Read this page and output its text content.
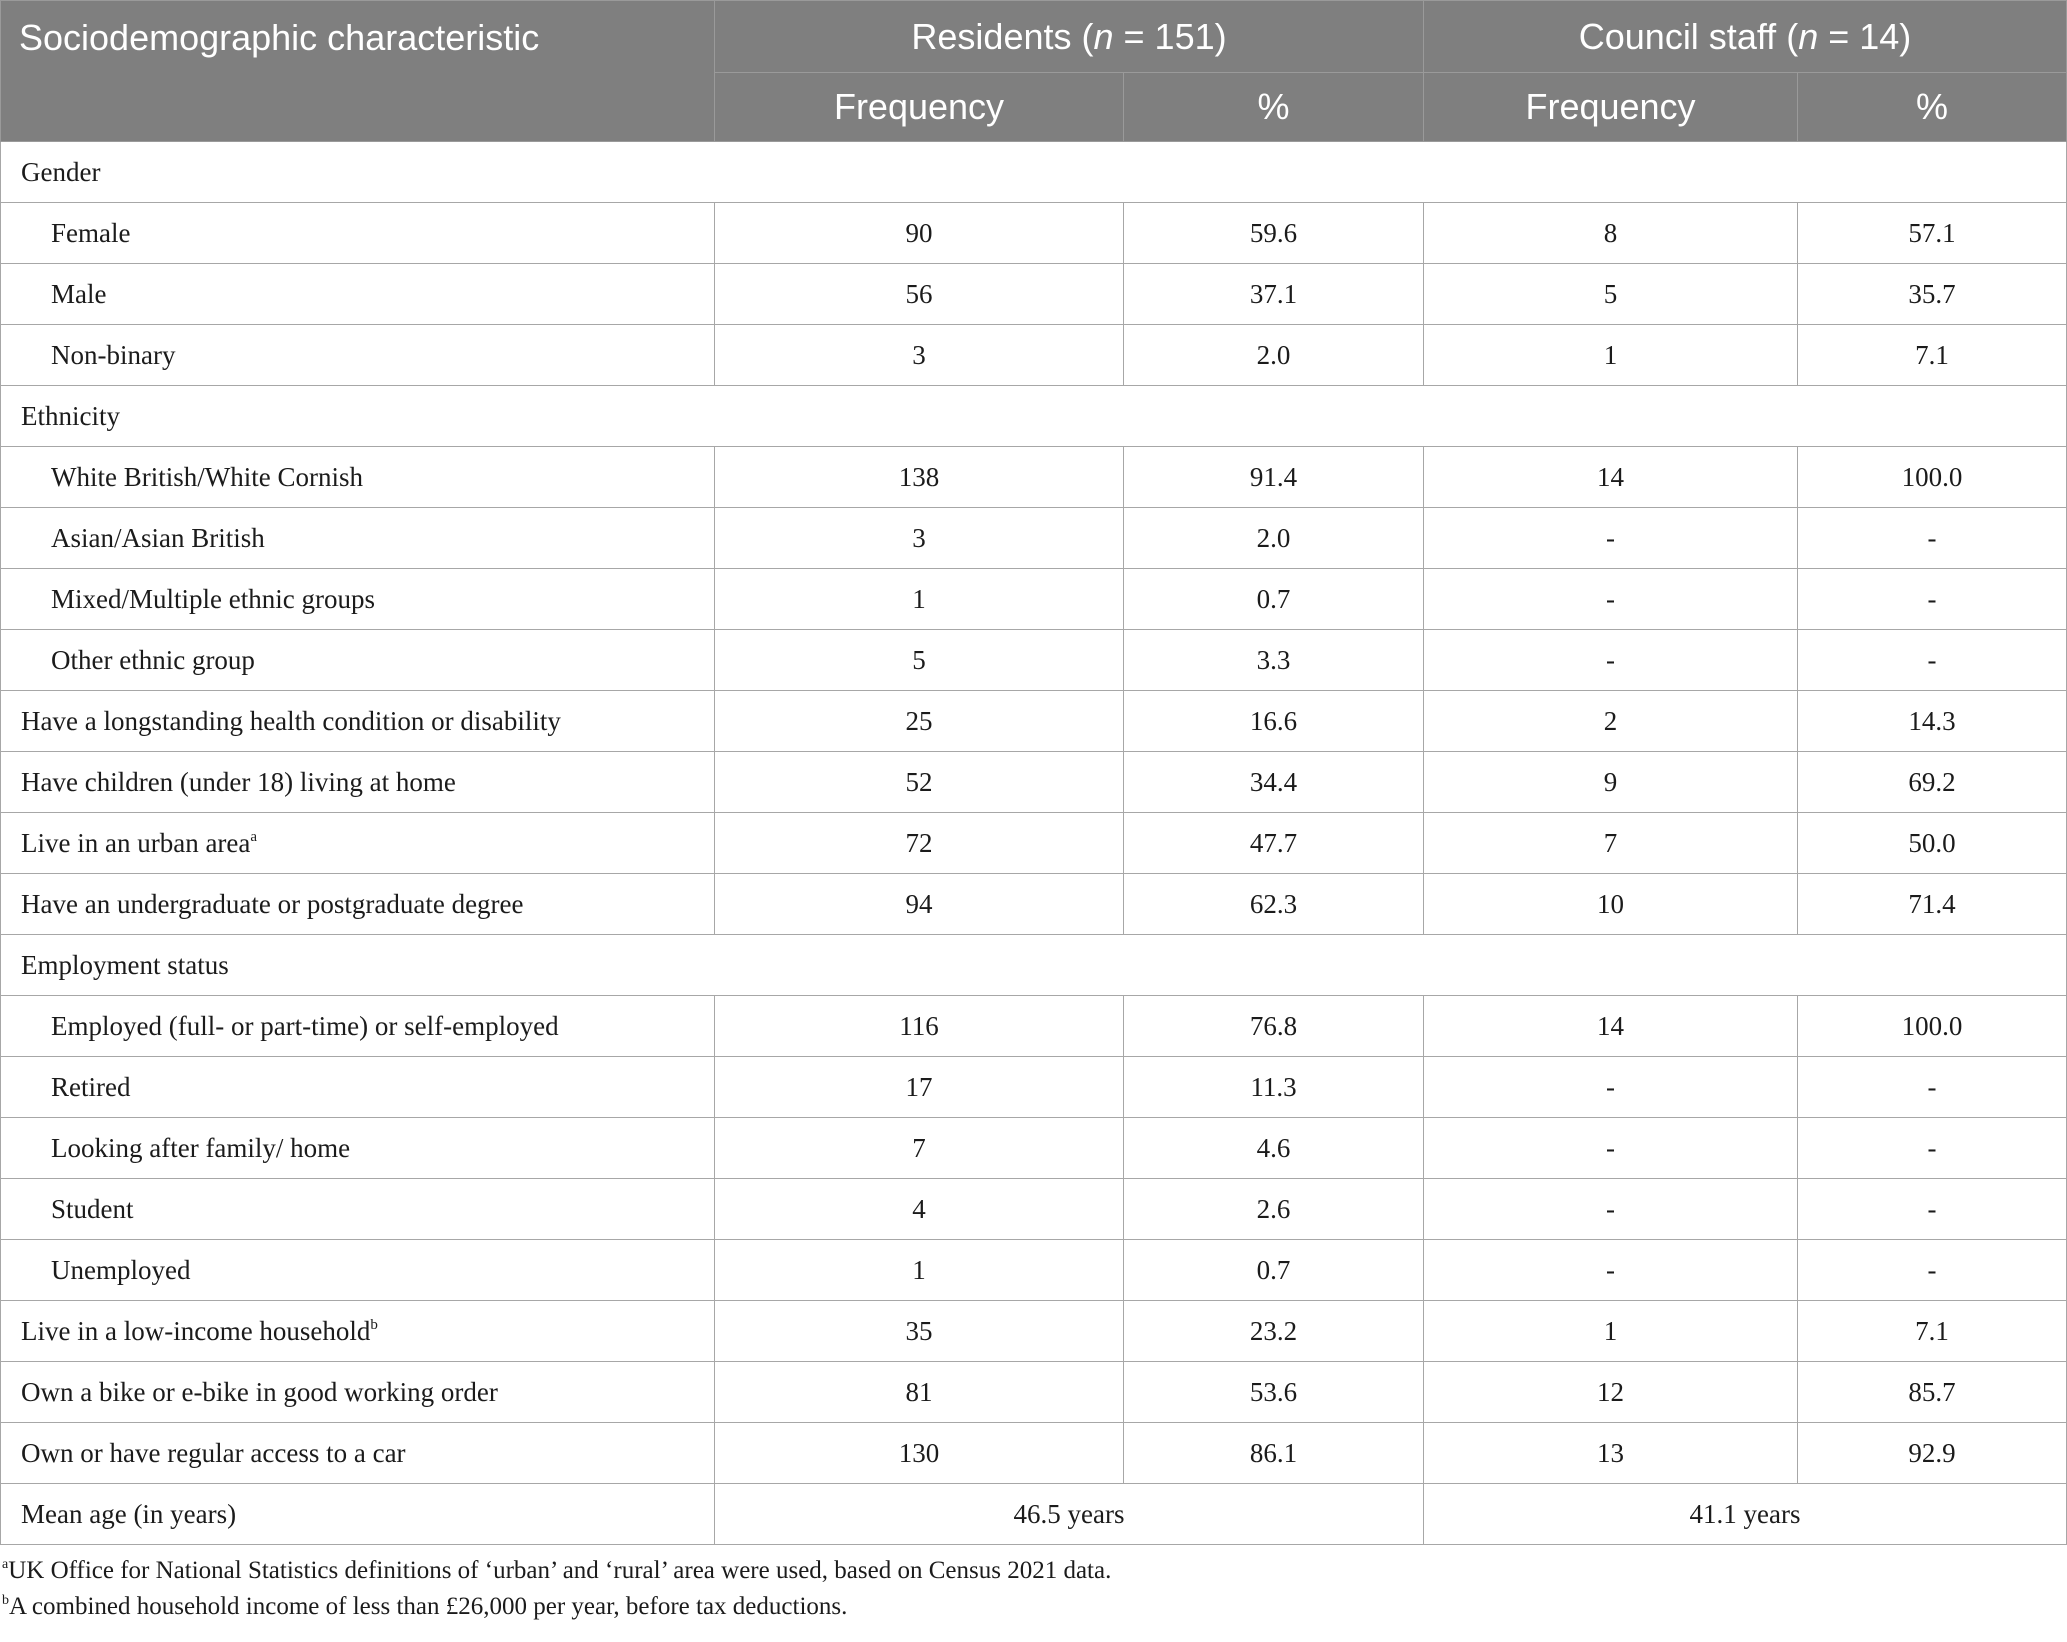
Sociodemographic characteristic	Residents (n = 151)		Council staff (n = 14)	
	Frequency	%	Frequency	%
Gender				
Female	90	59.6	8	57.1
Male	56	37.1	5	35.7
Non-binary	3	2.0	1	7.1
Ethnicity				
White British/White Cornish	138	91.4	14	100.0
Asian/Asian British	3	2.0	-	-
Mixed/Multiple ethnic groups	1	0.7	-	-
Other ethnic group	5	3.3	-	-
Have a longstanding health condition or disability	25	16.6	2	14.3
Have children (under 18) living at home	52	34.4	9	69.2
Live in an urban area$^a$	72	47.7	7	50.0
Have an undergraduate or postgraduate degree	94	62.3	10	71.4
Employment status				
Employed (full- or part-time) or self-employed	116	76.8	14	100.0
Retired	17	11.3	-	-
Looking after family/ home	7	4.6	-	-
Student	4	2.6	-	-
Unemployed	1	0.7	-	-
Live in a low-income household$^b$	35	23.2	1	7.1
Own a bike or e-bike in good working order	81	53.6	12	85.7
Own or have regular access to a car	130	86.1	13	92.9
Mean age (in years)	46.5 years		41.1 years	
$^a$UK Office for National Statistics definitions of ‘urban’ and ‘rural’ area were used, based on Census 2021 data.
$^b$A combined household income of less than £26,000 per year, before tax deductions.
